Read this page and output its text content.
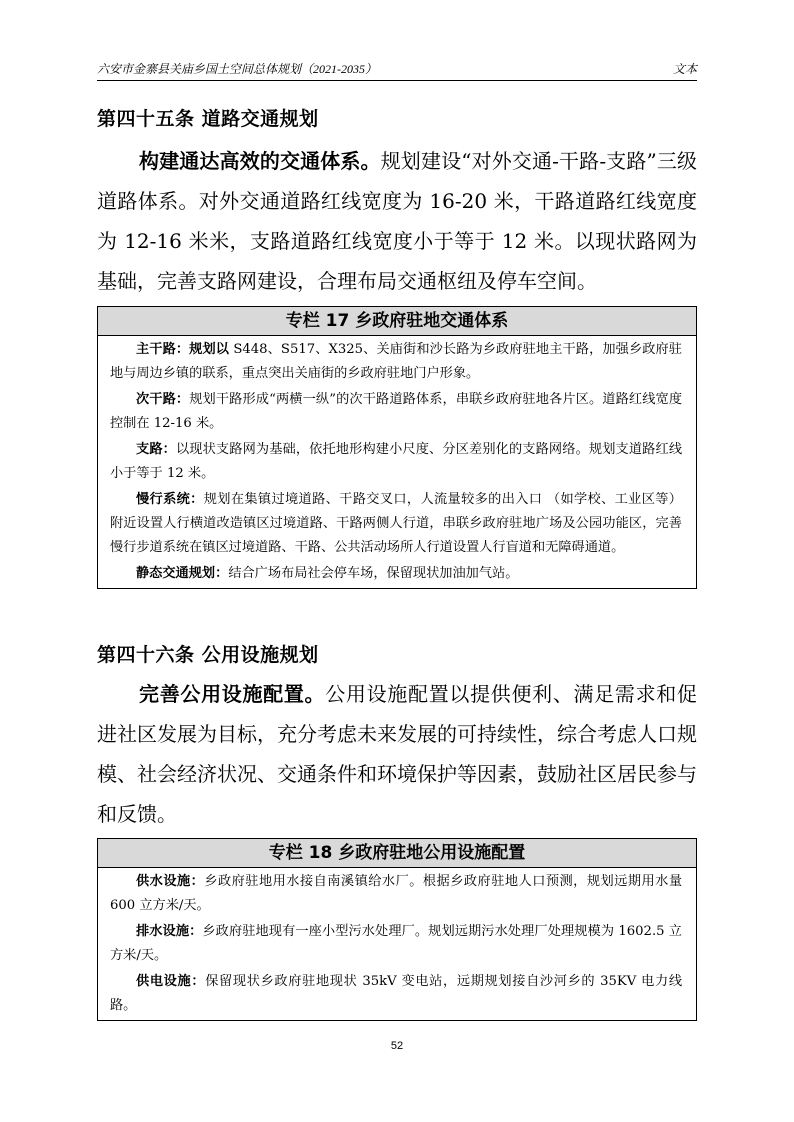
六安市金寨县关庙乡国土空间总体规划（2021-2035）	文本
第四十五条 道路交通规划
构建通达高效的交通体系。规划建设“对外交通-干路-支路”三级道路体系。对外交通道路红线宽度为 16-20 米，干路道路红线宽度为 12-16 米米，支路道路红线宽度小于等于 12 米。以现状路网为基础，完善支路网建设，合理布局交通枢纽及停车空间。
专栏 17 乡政府驻地交通体系
主干路：规划以 S448、S517、X325、关庙街和沙长路为乡政府驻地主干路，加强乡政府驻地与周边乡镇的联系，重点突出关庙街的乡政府驻地门户形象。
次干路：规划干路形成“两横一纵”的次干路道路体系，串联乡政府驻地各片区。道路红线宽度控制在 12-16 米。
支路：以现状支路网为基础，依托地形构建小尺度、分区差别化的支路网络。规划支道路红线小于等于 12 米。
慢行系统：规划在集镇过境道路、干路交叉口，人流量较多的出入口 （如学校、工业区等） 附近设置人行横道改造镇区过境道路、干路两侧人行道，串联乡政府驻地广场及公园功能区，完善慢行步道系统在镇区过境道路、干路、公共活动场所人行道设置人行盲道和无障碍通道。
静态交通规划：结合广场布局社会停车场，保留现状加油加气站。
第四十六条 公用设施规划
完善公用设施配置。公用设施配置以提供便利、满足需求和促进社区发展为目标，充分考虑未来发展的可持续性，综合考虑人口规模、社会经济状况、交通条件和环境保护等因素，鼓励社区居民参与和反馈。
专栏 18 乡政府驻地公用设施配置
供水设施：乡政府驻地用水接自南溪镇给水厂。根据乡政府驻地人口预测，规划远期用水量 600 立方米/天。
排水设施：乡政府驻地现有一座小型污水处理厂。规划远期污水处理厂处理规模为 1602.5 立方米/天。
供电设施：保留现状乡政府驻地现状 35kV 变电站，远期规划接自沙河乡的 35KV 电力线路。
52
